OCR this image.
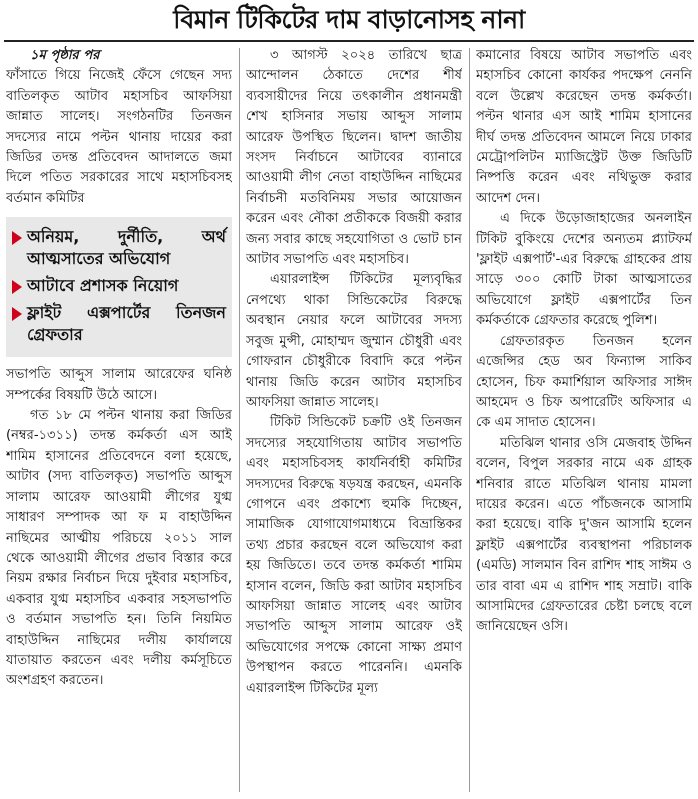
বিমান টিকিটের দাম বাড়ানোসহ নানা

১ম পৃষ্ঠার পর

ফাঁসাতে গিয়ে নিজেই ফেঁসে গেছেন সদ্য বাতিলকৃত আটাব মহাসচিব আফসিয়া জান্নাত সালেহ। সংগঠনটির তিনজন সদস্যের নামে পল্টন থানায় দায়ের করা জিডির তদন্ত প্রতিবেদন আদালতে জমা দিলে পতিত সরকারের সাথে মহাসচিবসহ বর্তমান কমিটির

অনিয়ম, দুর্নীতি, অর্থ আত্মসাতের অভিযোগ
আটাবে প্রশাসক নিয়োগ
ফ্লাইট এক্সপার্টের তিনজন গ্রেফতার

সভাপতি আব্দুস সালাম আরেফের ঘনিষ্ঠ সম্পর্কের বিষয়টি উঠে আসে।

গত ১৮ মে পল্টন থানায় করা জিডির (নম্বর-১৩১১) তদন্ত কর্মকর্তা এস আই শামিম হাসানের প্রতিবেদনে বলা হয়েছে, আটাব (সদ্য বাতিলকৃত) সভাপতি আব্দুস সালাম আরেফ আওয়ামী লীগের যুগ্ম সাধারণ সম্পাদক আ ফ ম বাহাউদ্দিন নাছিমের আত্মীয় পরিচয়ে ২০১১ সাল থেকে আওয়ামী লীগের প্রভাব বিস্তার করে নিয়ম রক্ষার নির্বাচন দিয়ে দুইবার মহাসচিব, একবার যুগ্ম মহাসচিব একবার সহসভাপতি ও বর্তমান সভাপতি হন। তিনি নিয়মিত বাহাউদ্দিন নাছিমের দলীয় কার্যালয়ে যাতায়াত করতেন এবং দলীয় কর্মসূচিতে অংশগ্রহণ করতেন।

৩ আগস্ট ২০২৪ তারিখে ছাত্র আন্দোলন ঠেকাতে দেশের শীর্ষ ব্যবসায়ীদের নিয়ে তৎকালীন প্রধানমন্ত্রী শেখ হাসিনার সভায় আব্দুস সালাম আরেফ উপস্থিত ছিলেন। দ্বাদশ জাতীয় সংসদ নির্বাচনে আটাবের ব্যানারে আওয়ামী লীগ নেতা বাহাউদ্দিন নাছিমের নির্বাচনী মতবিনিময় সভার আয়োজন করেন এবং নৌকা প্রতীককে বিজয়ী করার জন্য সবার কাছে সহযোগিতা ও ভোট চান আটাব সভাপতি এবং মহাসচিব।

এয়ারলাইন্স টিকিটের মূল্যবৃদ্ধির নেপথ্যে থাকা সিন্ডিকেটের বিরুদ্ধে অবস্থান নেয়ার ফলে আটাবের সদস্য সবুজ মুন্সী, মোহাম্মদ জুম্মান চৌধুরী এবং গোফরান চৌধুরীকে বিবাদি করে পল্টন থানায় জিডি করেন আটাব মহাসচিব আফসিয়া জান্নাত সালেহ।

টিকিট সিন্ডিকেট চক্রটি ওই তিনজন সদস্যের সহযোগিতায় আটাব সভাপতি এবং মহাসচিবসহ কার্যনির্বাহী কমিটির সদস্যদের বিরুদ্ধে ষড়যন্ত্র করছেন, এমনকি গোপনে এবং প্রকাশ্যে হুমকি দিচ্ছেন, সামাজিক যোগাযোগমাধ্যমে বিভ্রান্তিকর তথ্য প্রচার করছেন বলে অভিযোগ করা হয় জিডিতে। তবে তদন্ত কর্মকর্তা শামিম হাসান বলেন, জিডি করা আটাব মহাসচিব আফসিয়া জান্নাত সালেহ এবং আটাব সভাপতি আব্দুস সালাম আরেফ ওই অভিযোগের সপক্ষে কোনো সাক্ষ্য প্রমাণ উপস্থাপন করতে পারেননি। এমনকি এয়ারলাইন্স টিকিটের মূল্য

কমানোর বিষয়ে আটাব সভাপতি এবং মহাসচিব কোনো কার্যকর পদক্ষেপ নেননি বলে উল্লেখ করেছেন তদন্ত কর্মকর্তা। পল্টন থানার এস আই শামিম হাসানের দীর্ঘ তদন্ত প্রতিবেদন আমলে নিয়ে ঢাকার মেট্রোপলিটন ম্যাজিস্ট্রেট উক্ত জিডিটি নিষ্পত্তি করেন এবং নথিভুক্ত করার আদেশ দেন।

এ দিকে উড়োজাহাজের অনলাইন টিকিট বুকিংয়ে দেশের অন্যতম প্ল্যাটফর্ম 'ফ্লাইট এক্সপার্ট'-এর বিরুদ্ধে গ্রাহকের প্রায় সাড়ে ৩০০ কোটি টাকা আত্মসাতের অভিযোগে ফ্লাইট এক্সপার্টের তিন কর্মকর্তাকে গ্রেফতার করেছে পুলিশ।

গ্রেফতারকৃত তিনজন হলেন এজেন্সির হেড অব ফিন্যান্স সাকিব হোসেন, চিফ কমার্শিয়াল অফিসার সাঈদ আহমেদ ও চিফ অপারেটিং অফিসার এ কে এম সাদাত হোসেন।

মতিঝিল থানার ওসি মেজবাহ উদ্দিন বলেন, বিপুল সরকার নামে এক গ্রাহক শনিবার রাতে মতিঝিল থানায় মামলা দায়ের করেন। এতে পাঁচজনকে আসামি করা হয়েছে। বাকি দু'জন আসামি হলেন ফ্লাইট এক্সপার্টের ব্যবস্থাপনা পরিচালক (এমডি) সালমান বিন রাশিদ শাহ সাঈম ও তার বাবা এম এ রাশিদ শাহ সম্রাট। বাকি আসামিদের গ্রেফতারের চেষ্টা চলছে বলে জানিয়েছেন ওসি।
